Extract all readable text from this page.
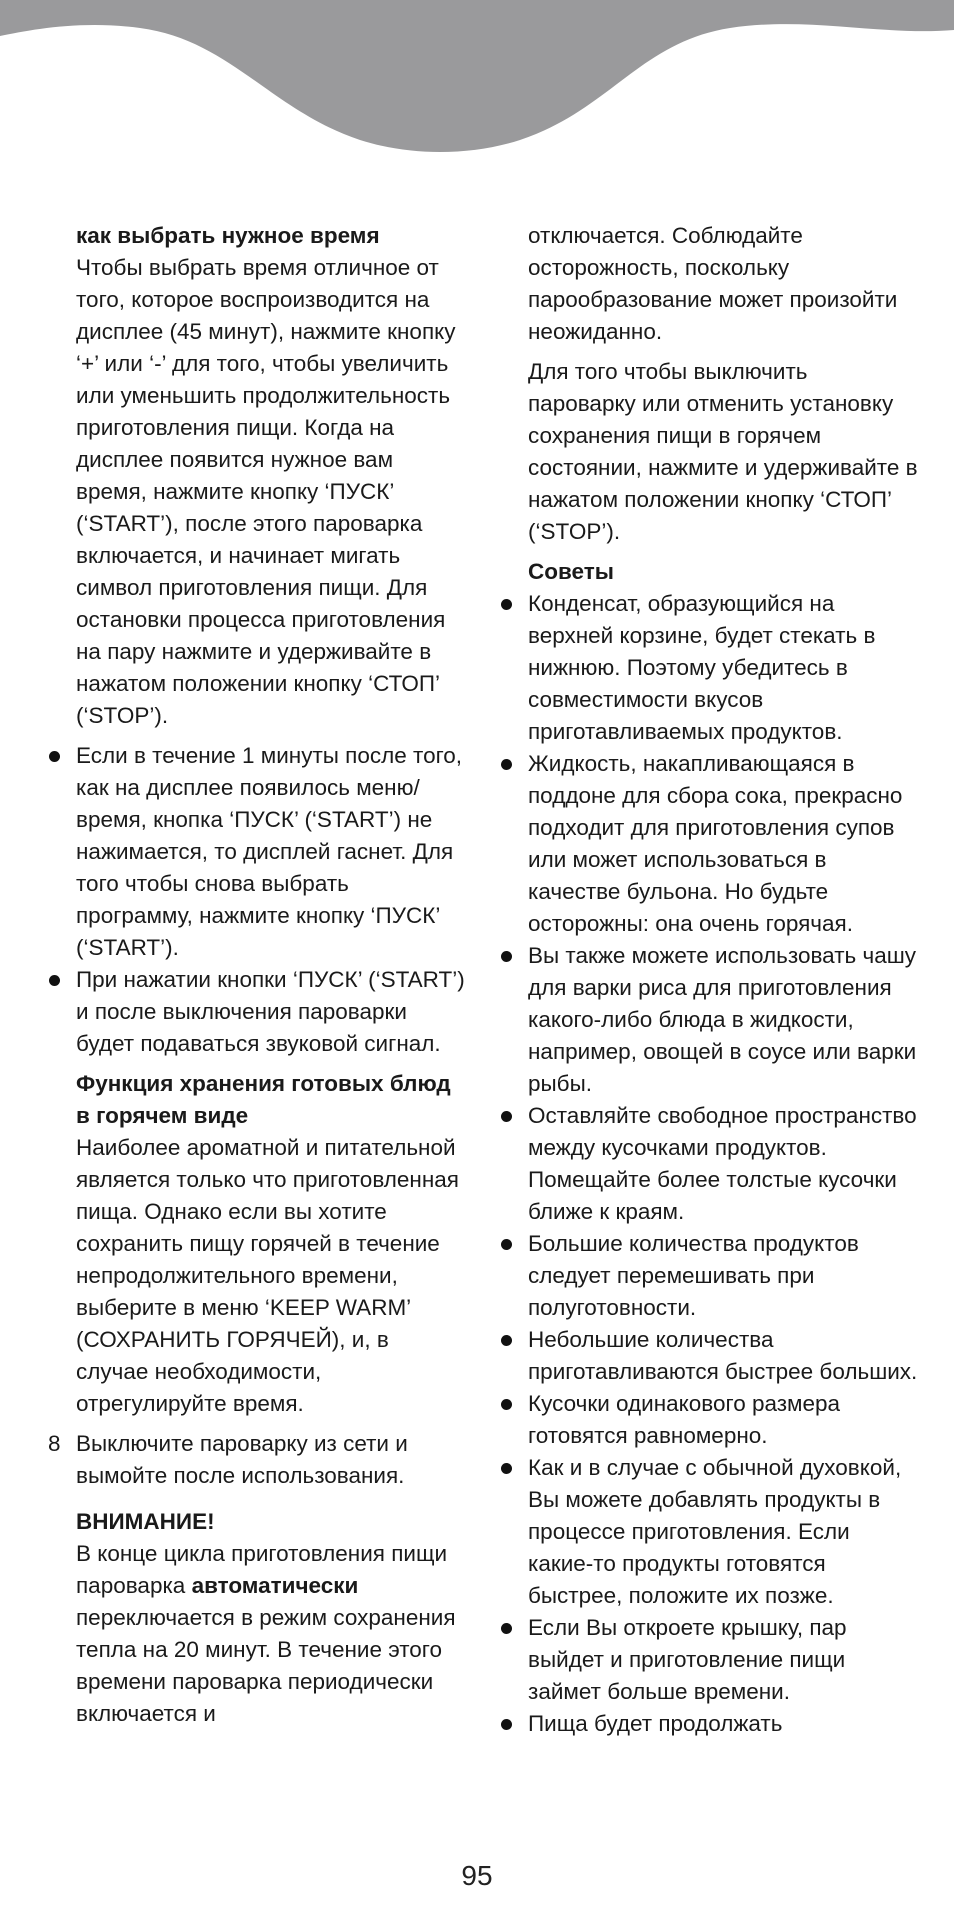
как выбрать нужное время

Чтобы выбрать время отличное от того, которое воспроизводится на дисплее (45 минут), нажмите кнопку ‘+’ или ‘-’ для того, чтобы увеличить или уменьшить продолжительность приготовления пищи. Когда на дисплее появится нужное вам время, нажмите кнопку ‘ПУСК’ (‘START’), после этого пароварка включается, и начинает мигать символ приготовления пищи. Для остановки процесса приготовления на пару нажмите и удерживайте в нажатом положении кнопку ‘СТОП’ (‘STOP’).

Если в течение 1 минуты после того, как на дисплее появилось меню/время, кнопка ‘ПУСК’ (‘START’) не нажимается, то дисплей гаснет. Для того чтобы снова выбрать программу, нажмите кнопку ‘ПУСК’ (‘START’).
При нажатии кнопки ‘ПУСК’ (‘START’) и после выключения пароварки будет подаваться звуковой сигнал.
Функция хранения готовых блюд в горячем виде

Наиболее ароматной и питательной является только что приготовленная пища. Однако если вы хотите сохранить пищу горячей в течение непродолжительного времени, выберите в меню ‘KEEP WARM’ (СОХРАНИТЬ ГОРЯЧЕЙ), и, в случае необходимости, отрегулируйте время.

8 Выключите пароварку из сети и вымойте после использования.
ВНИМАНИЕ!

В конце цикла приготовления пищи пароварка автоматически переключается в режим сохранения тепла на 20 минут. В течение этого времени пароварка периодически включается и

отключается. Соблюдайте осторожность, поскольку парообразование может произойти неожиданно.

Для того чтобы выключить пароварку или отменить установку сохранения пищи в горячем состоянии, нажмите и удерживайте в нажатом положении кнопку ‘СТОП’ (‘STOP’).

Советы
Конденсат, образующийся на верхней корзине, будет стекать в нижнюю. Поэтому убедитесь в совместимости вкусов приготавливаемых продуктов.
Жидкость, накапливающаяся в поддоне для сбора сока, прекрасно подходит для приготовления супов или может использоваться в качестве бульона. Но будьте осторожны: она очень горячая.
Вы также можете использовать чашу для варки риса для приготовления какого-либо блюда в жидкости, например, овощей в соусе или варки рыбы.
Оставляйте свободное пространство между кусочками продуктов. Помещайте более толстые кусочки ближе к краям.
Большие количества продуктов следует перемешивать при полуготовности.
Небольшие количества приготавливаются быстрее больших.
Кусочки одинакового размера готовятся равномерно.
Как и в случае с обычной духовкой, Вы можете добавлять продукты в процессе приготовления. Если какие-то продукты готовятся быстрее, положите их позже.
Если Вы откроете крышку, пар выйдет и приготовление пищи займет больше времени.
Пища будет продолжать
95
